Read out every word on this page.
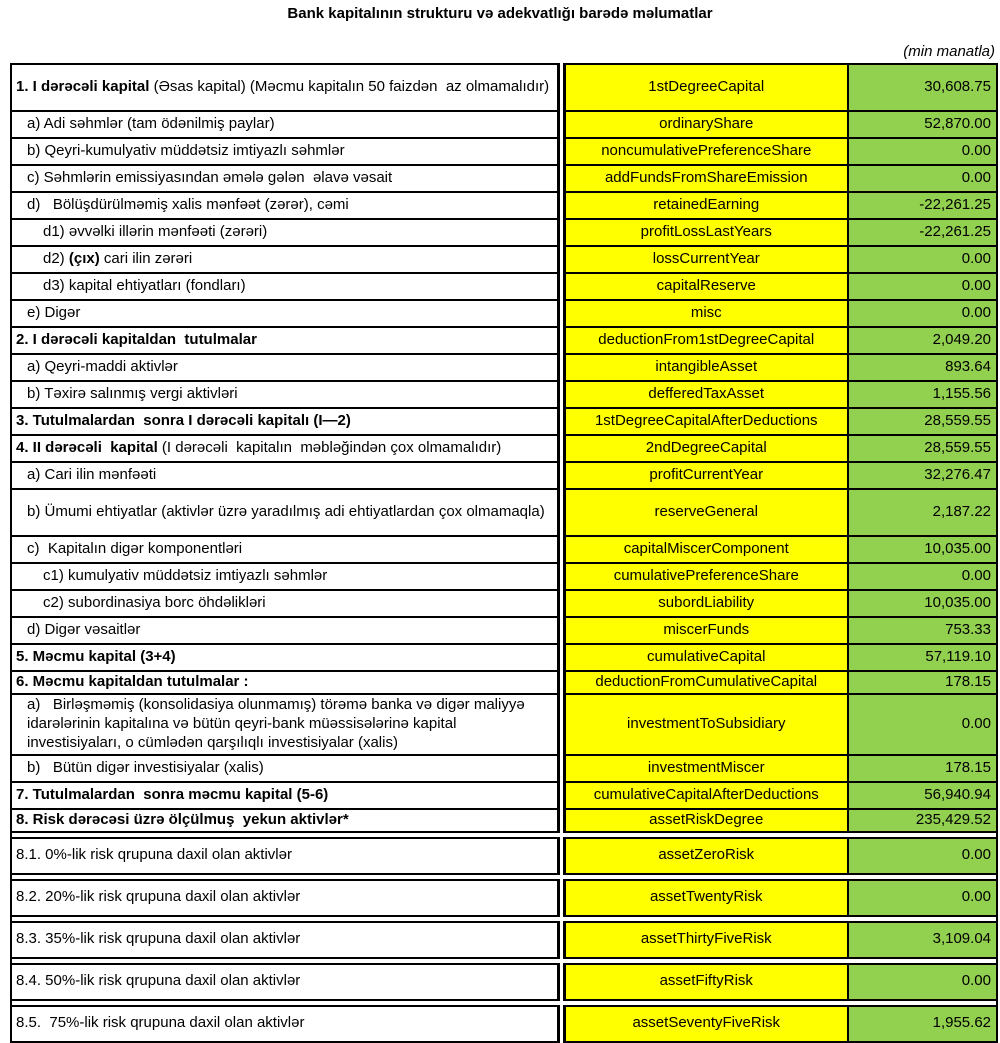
Bank kapitalının strukturu və adekvatlığı barədə məlumatlar
(min manatla)
1. I dərəcəli kapital (Əsas kapital) (Məcmu kapitalın 50 faizdən  az olmamalıdır)	1stDegreeCapital	30,608.75
a) Adi səhmlər (tam ödənilmiş paylar)	ordinaryShare	52,870.00
b) Qeyri-kumulyativ müddətsiz imtiyazlı səhmlər	noncumulativePreferenceShare	0.00
c) Səhmlərin emissiyasından əmələ gələn  əlavə vəsait	addFundsFromShareEmission	0.00
d)   Bölüşdürülməmiş xalis mənfəət (zərər), cəmi	retainedEarning	-22,261.25
d1) əvvəlki illərin mənfəəti (zərəri)	profitLossLastYears	-22,261.25
d2) (çıx) cari ilin zərəri	lossCurrentYear	0.00
d3) kapital ehtiyatları (fondları)	capitalReserve	0.00
e) Digər	misc	0.00
2. I dərəcəli kapitaldan  tutulmalar	deductionFrom1stDegreeCapital	2,049.20
a) Qeyri-maddi aktivlər	intangibleAsset	893.64
b) Təxirə salınmış vergi aktivləri	defferedTaxAsset	1,155.56
3. Tutulmalardan  sonra I dərəcəli kapitalı (I—2)	1stDegreeCapitalAfterDeductions	28,559.55
4. II dərəcəli  kapital (I dərəcəli  kapitalın  məbləğindən çox olmamalıdır)	2ndDegreeCapital	28,559.55
a) Cari ilin mənfəəti	profitCurrentYear	32,276.47
b) Ümumi ehtiyatlar (aktivlər üzrə yaradılmış adi ehtiyatlardan çox olmamaqla)	reserveGeneral	2,187.22
c)  Kapitalın digər komponentləri	capitalMiscerComponent	10,035.00
c1) kumulyativ müddətsiz imtiyazlı səhmlər	cumulativePreferenceShare	0.00
c2) subordinasiya borc öhdəlikləri	subordLiability	10,035.00
d) Digər vəsaitlər	miscerFunds	753.33
5. Məcmu kapital (3+4)	cumulativeCapital	57,119.10
6. Məcmu kapitaldan tutulmalar :	deductionFromCumulativeCapital	178.15
a)   Birləşməmiş (konsolidasiya olunmamış) törəmə banka və digər maliyyə idarələrinin kapitalına və bütün qeyri-bank müəssisələrinə kapital investisiyaları, o cümlədən qarşılıqlı investisiyalar (xalis)	investmentToSubsidiary	0.00
b)   Bütün digər investisiyalar (xalis)	investmentMiscer	178.15
7. Tutulmalardan  sonra məcmu kapital (5-6)	cumulativeCapitalAfterDeductions	56,940.94
8. Risk dərəcəsi üzrə ölçülmuş  yekun aktivlər*	assetRiskDegree	235,429.52

8.1. 0%-lik risk qrupuna daxil olan aktivlər	assetZeroRisk	0.00

8.2. 20%-lik risk qrupuna daxil olan aktivlər	assetTwentyRisk	0.00

8.3. 35%-lik risk qrupuna daxil olan aktivlər	assetThirtyFiveRisk	3,109.04

8.4. 50%-lik risk qrupuna daxil olan aktivlər	assetFiftyRisk	0.00

8.5.  75%-lik risk qrupuna daxil olan aktivlər	assetSeventyFiveRisk	1,955.62
